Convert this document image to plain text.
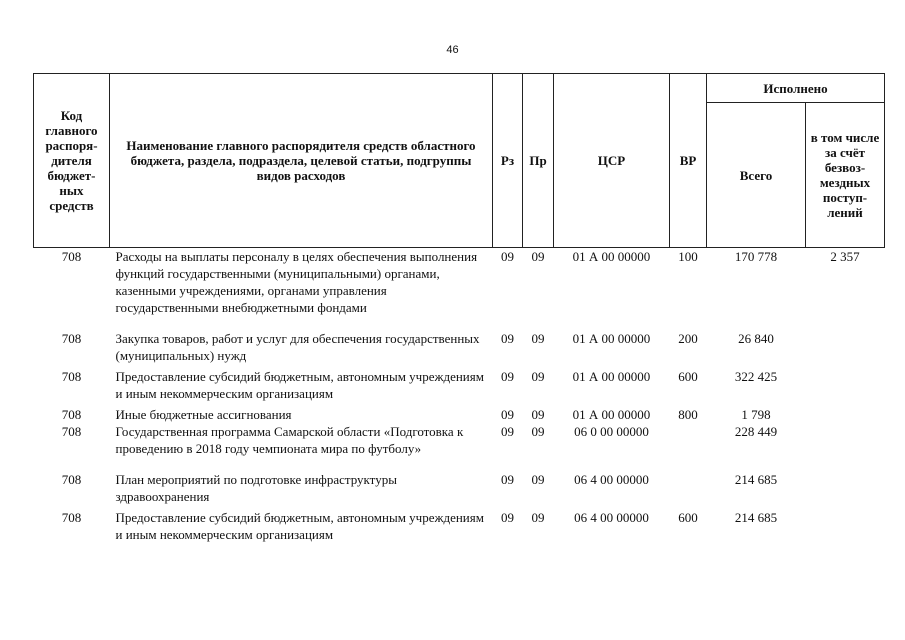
46
Код главного распоря-дителя бюджет-ных средств	Наименование главного распорядителя средств областного бюджета, раздела, подраздела, целевой статьи, подгруппы видов расходов	Рз	Пр	ЦСР	ВР	Исполнено	
						Всего	в том числе за счёт безвоз-мездных поступ-лений
708	Расходы на выплаты персоналу в целях обеспечения выполнения функций государственными (муниципальными) органами, казенными учреждениями, органами управления государственными внебюджетными фондами	09	09	01 А 00 00000	100	170 778	2 357
708	Закупка товаров, работ и услуг для обеспечения государственных (муниципальных) нужд	09	09	01 А 00 00000	200	26 840	
708	Предоставление субсидий бюджетным, автономным учреждениям и иным некоммерческим организациям	09	09	01 А 00 00000	600	322 425	
708	Иные бюджетные ассигнования	09	09	01 А 00 00000	800	1 798	
708	Государственная программа Самарской области «Подготовка к проведению в 2018 году чемпионата мира по футболу»	09	09	06 0 00 00000		228 449	
708	План мероприятий по подготовке инфраструктуры здравоохранения	09	09	06 4 00 00000		214 685	
708	Предоставление субсидий бюджетным, автономным учреждениям и иным некоммерческим организациям	09	09	06 4 00 00000	600	214 685	
